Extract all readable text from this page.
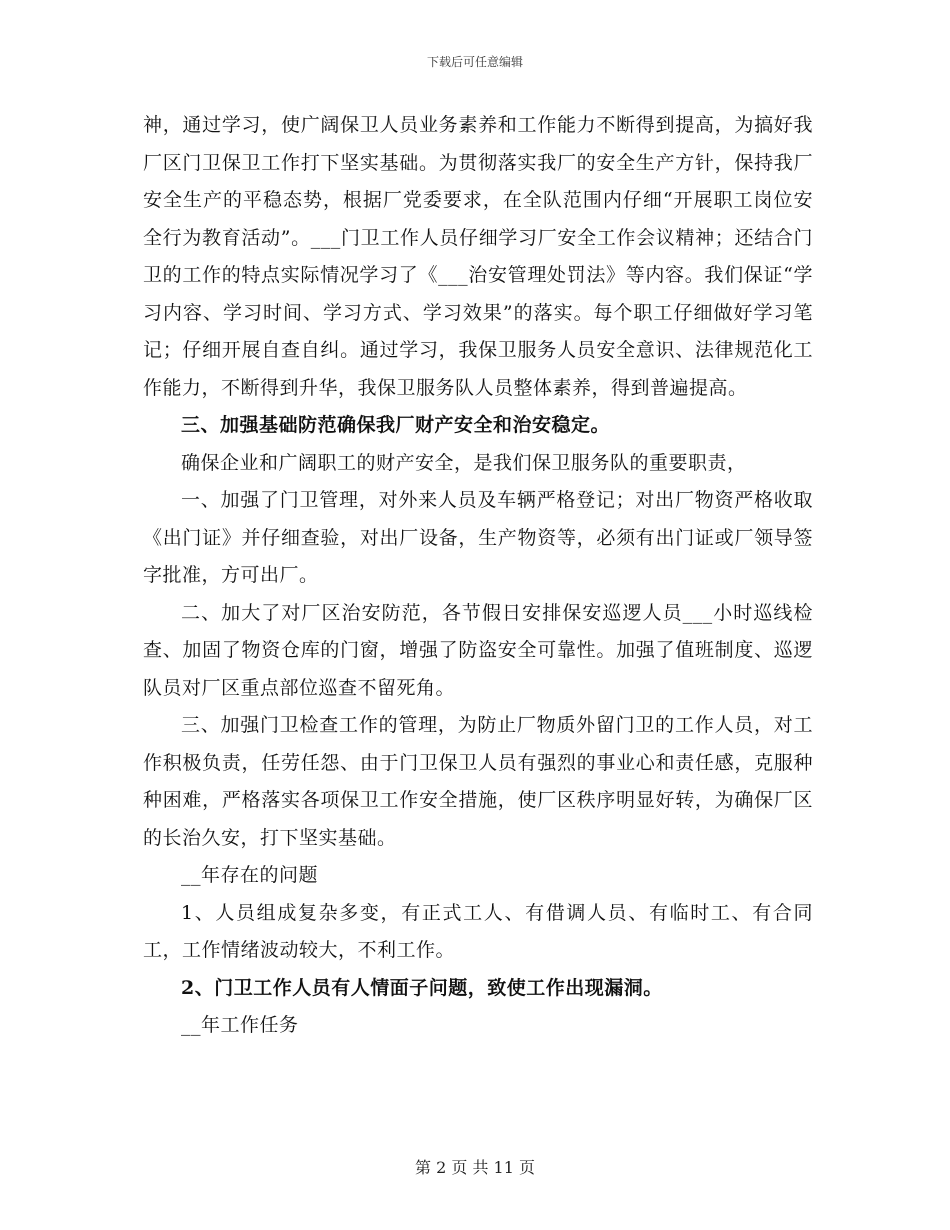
下载后可任意编辑

神，通过学习，使广阔保卫人员业务素养和工作能力不断得到提高，为搞好我厂区门卫保卫工作打下坚实基础。为贯彻落实我厂的安全生产方针，保持我厂安全生产的平稳态势，根据厂党委要求，在全队范围内仔细“开展职工岗位安全行为教育活动”。___门卫工作人员仔细学习厂安全工作会议精神；还结合门卫的工作的特点实际情况学习了《___治安管理处罚法》等内容。我们保证“学习内容、学习时间、学习方式、学习效果”的落实。每个职工仔细做好学习笔记；仔细开展自查自纠。通过学习，我保卫服务人员安全意识、法律规范化工作能力，不断得到升华，我保卫服务队人员整体素养，得到普遍提高。

三、加强基础防范确保我厂财产安全和治安稳定。

确保企业和广阔职工的财产安全，是我们保卫服务队的重要职责，

一、加强了门卫管理，对外来人员及车辆严格登记；对出厂物资严格收取《出门证》并仔细查验，对出厂设备，生产物资等，必须有出门证或厂领导签字批准，方可出厂。

二、加大了对厂区治安防范，各节假日安排保安巡逻人员___小时巡线检查、加固了物资仓库的门窗，增强了防盗安全可靠性。加强了值班制度、巡逻队员对厂区重点部位巡查不留死角。

三、加强门卫检查工作的管理，为防止厂物质外留门卫的工作人员，对工作积极负责，任劳任怨、由于门卫保卫人员有强烈的事业心和责任感，克服种种困难，严格落实各项保卫工作安全措施，使厂区秩序明显好转，为确保厂区的长治久安，打下坚实基础。

__年存在的问题

1、人员组成复杂多变，有正式工人、有借调人员、有临时工、有合同工，工作情绪波动较大，不利工作。

2、门卫工作人员有人情面子问题，致使工作出现漏洞。

__年工作任务

第 2 页 共 11 页
